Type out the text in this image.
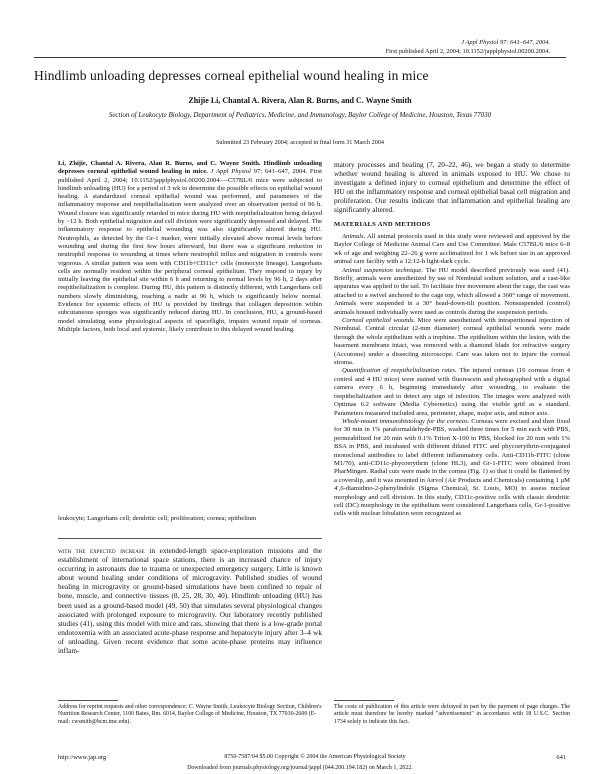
J Appl Physiol 97: 641–647, 2004.
First published April 2, 2004; 10.1152/japplphysiol.00200.2004.
Hindlimb unloading depresses corneal epithelial wound healing in mice
Zhijie Li, Chantal A. Rivera, Alan R. Burns, and C. Wayne Smith
Section of Leukocyte Biology, Department of Pediatrics, Medicine, and Immunology, Baylor College of Medicine, Houston, Texas 77030
Submitted 23 February 2004; accepted in final form 31 March 2004
Li, Zhijie, Chantal A. Rivera, Alan R. Burns, and C. Wayne Smith. Hindlimb unloading depresses corneal epithelial wound healing in mice. J Appl Physiol 97: 641–647, 2004. First published April 2, 2004; 10.1152/japplphysiol.00200.2004.—C57BL/6 mice were subjected to hindlimb unloading (HU) for a period of 3 wk to determine the possible effects on epithelial wound healing. A standardized corneal epithelial wound was performed, and parameters of the inflammatory response and reepithelialization were analyzed over an observation period of 96 h. Wound closure was significantly retarded in mice during HU with reepithelialization being delayed by ~12 h. Both epithelial migration and cell division were significantly depressed and delayed. The inflammatory response to epithelial wounding was also significantly altered during HU. Neutrophils, as detected by the Gr-1 marker, were initially elevated above normal levels before wounding and during the first few hours afterward, but there was a significant reduction in neutrophil response to wounding at times where neutrophil influx and migration in controls were vigorous. A similar pattern was seen with CD11b+CD11c+ cells (monocyte lineage). Langerhans cells are normally resident within the peripheral corneal epithelium. They respond to injury by initially leaving the epithelial site within 6 h and returning to normal levels by 96 h, 2 days after reepithelialization is complete. During HU, this pattern is distinctly different, with Langerhans cell numbers slowly diminishing, reaching a nadir at 96 h, which is significantly below normal. Evidence for systemic effects of HU is provided by findings that collagen deposition within subcutaneous sponges was significantly reduced during HU. In conclusion, HU, a ground-based model simulating some physiological aspects of spaceflight, impairs wound repair of corneas. Multiple factors, both local and systemic, likely contribute to this delayed wound healing.
leukocyte; Langerhans cell; dendritic cell; proliferation; cornea; epithelium
with the expected increase in extended-length space-exploration missions and the establishment of international space stations, there is an increased chance of injury occurring in astronauts due to trauma or unexpected emergency surgery. Little is known about wound healing under conditions of microgravity. Published studies of wound healing in microgravity or ground-based simulations have been confined to repair of bone, muscle, and connective tissues (8, 25, 28, 30, 40). Hindlimb unloading (HU) has been used as a ground-based model (49, 50) that simulates several physiological changes associated with prolonged exposure to microgravity. Our laboratory recently published studies (41), using this model with mice and rats, showing that there is a low-grade portal endotoxemia with an associated acute-phase response and hepatocyte injury after 3–4 wk of unloading. Given recent evidence that some acute-phase proteins may influence inflam-
matory processes and healing (7, 20–22, 46), we began a study to determine whether wound healing is altered in animals exposed to HU. We chose to investigate a defined injury to corneal epithelium and determine the effect of HU on the inflammatory response and corneal epithelial basal cell migration and proliferation. Our results indicate that inflammation and epithelial healing are significantly altered.
MATERIALS AND METHODS

Animals. All animal protocols used in this study were reviewed and approved by the Baylor College of Medicine Animal Care and Use Committee. Male C57BL/6 mice 6–8 wk of age and weighing 22–26 g were acclimatized for 1 wk before use in an approved animal care facility with a 12:12-h light-dark cycle.

Animal suspension technique. The HU model described previously was used (41). Briefly, animals were anesthetized by use of Nembutal sodium solution, and a cast-like apparatus was applied to the tail. To facilitate free movement about the cage, the cast was attached to a swivel anchored to the cage top, which allowed a 360° range of movement. Animals were suspended in a 30° head-down-tilt position. Nonsuspended (control) animals housed individually were used as controls during the suspension periods.

Corneal epithelial wounds. Mice were anesthetized with intraperitoneal injection of Nembutal. Central circular (2-mm diameter) corneal epithelial wounds were made through the whole epithelium with a trephine. The epithelium within the lesion, with the basement membrane intact, was removed with a diamond blade for refractive surgery (Accutome) under a dissecting microscope. Care was taken not to injure the corneal stroma.

Quantification of reepithelialization rates. The injured corneas (16 corneas from 4 control and 4 HU mice) were stained with fluorescein and photographed with a digital camera every 6 h, beginning immediately after wounding, to evaluate the reepithelialization and to detect any sign of infection. The images were analyzed with Optimas 6.2 software (Media Cybernetics) using the visible grid as a standard. Parameters measured included area, perimeter, shape, major axis, and minor axis.

Whole-mount immunohistology for the corneas. Corneas were excised and then fixed for 30 min in 1% paraformaldehyde-PBS, washed three times for 5 min each with PBS, permeabilized for 20 min with 0.1% Triton X-100 in PBS, blocked for 20 min with 1% BSA in PBS, and incubated with different diluted FITC and phycoerythrin-conjugated monoclonal antibodies to label different inflammatory cells. Anti-CD11b-FITC (clone M1/70), anti-CD11c-phycoerythrin (clone HL3), and Gr-1-FITC were obtained from PharMingen. Radial cuts were made in the cornea (Fig. 1) so that it could be flattened by a coverslip, and it was mounted in Airvol (Air Products and Chemicals) containing 1 μM 4′,6-diamidino-2-phenylindole (Sigma Chemical, St. Louis, MO) to assess nuclear morphology and cell division. In this study, CD11c-positive cells with classic dendritic cell (DC) morphology in the epithelium were considered Langerhans cells, Gr-1-positive cells with nuclear lobulation were recognized as

Address for reprint requests and other correspondence: C. Wayne Smith, Leukocyte Biology Section, Children's Nutrition Research Center, 1100 Bates, Rm. 6014, Baylor College of Medicine, Houston, TX 77030-2600 (E-mail: cwsmith@bcm.tmc.edu).
The costs of publication of this article were defrayed in part by the payment of page charges. The article must therefore be hereby marked "advertisement" in accordance with 18 U.S.C. Section 1734 solely to indicate this fact.
http://www.jap.org	8750-7587/04 $5.00 Copyright © 2004 the American Physiological Society	641
Downloaded from journals.physiology.org/journal/jappl (044.200.194.182) on March 1, 2022.
